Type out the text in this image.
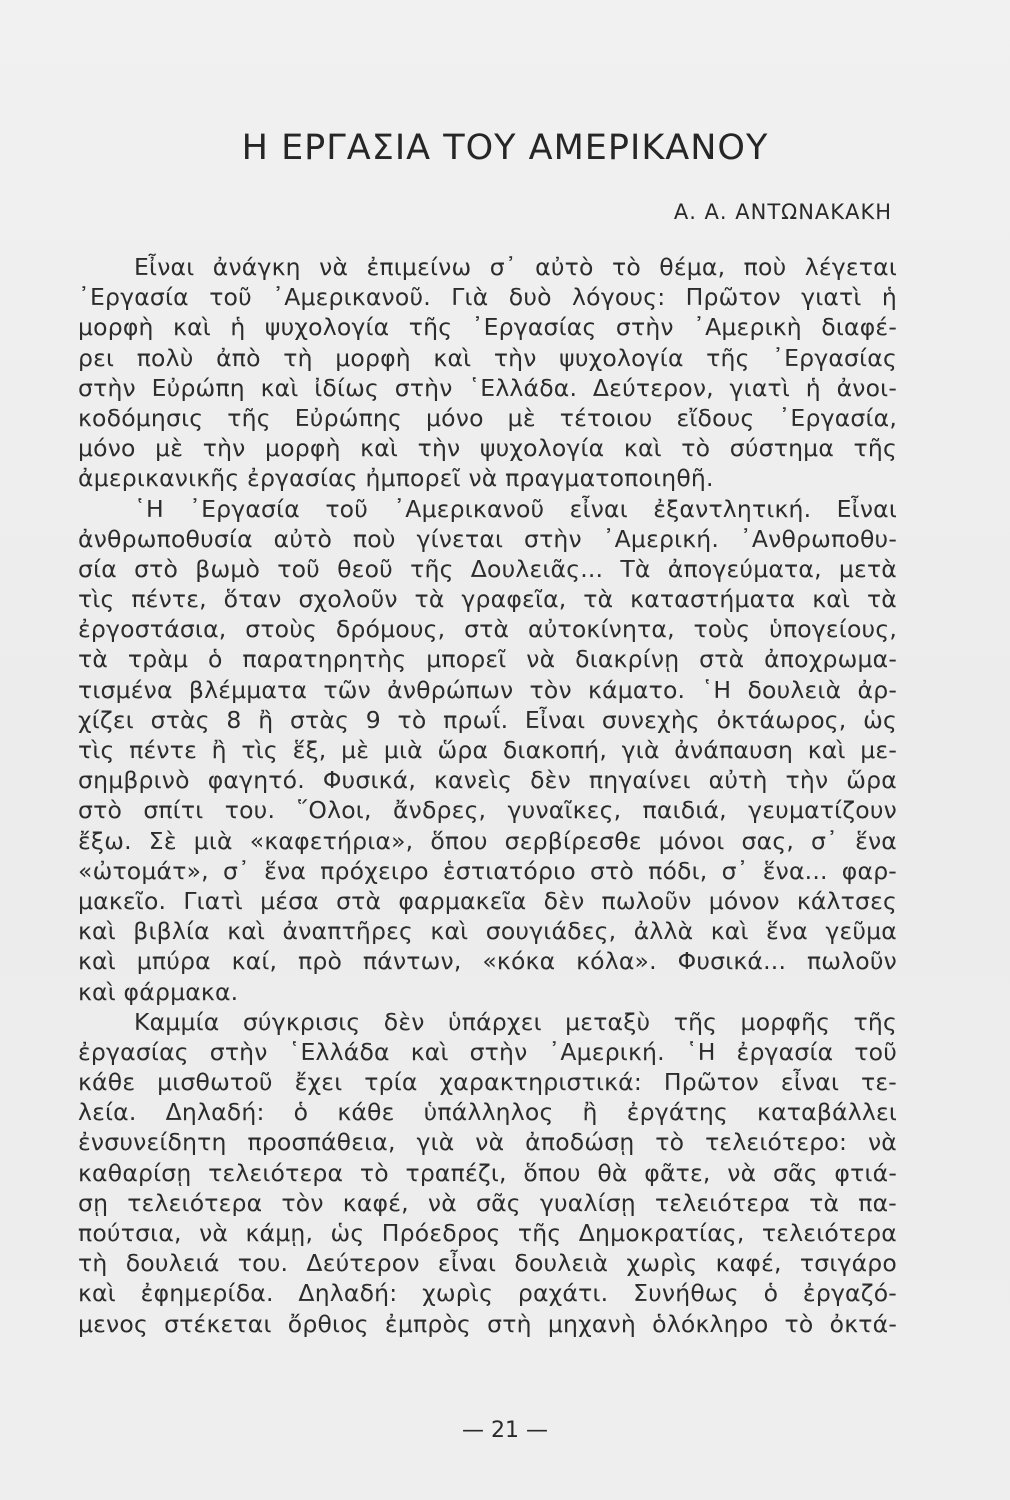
Η ΕΡΓΑΣΙΑ ΤΟΥ ΑΜΕΡΙΚΑΝΟΥ
Α. Α. ΑΝΤΩΝΑΚΑΚΗ
Εἶναι ἀνάγκη νὰ ἐπιμείνω σ᾽ αὐτὸ τὸ θέμα, ποὺ λέγεται
᾽Εργασία τοῦ ᾽Αμερικανοῦ. Γιὰ δυὸ λόγους: Πρῶτον γιατὶ ἡ
μορφὴ καὶ ἡ ψυχολογία τῆς ᾽Εργασίας στὴν ᾽Αμερικὴ διαφέ-
ρει πολὺ ἀπὸ τὴ μορφὴ καὶ τὴν ψυχολογία τῆς ᾽Εργασίας
στὴν Εὐρώπη καὶ ἰδίως στὴν ῾Ελλάδα. Δεύτερον, γιατὶ ἡ ἀνοι-
κοδόμησις τῆς Εὐρώπης μόνο μὲ τέτοιου εἴδους ᾽Εργασία,
μόνο μὲ τὴν μορφὴ καὶ τὴν ψυχολογία καὶ τὸ σύστημα τῆς
ἀμερικανικῆς ἐργασίας ἠμπορεῖ νὰ πραγματοποιηθῆ.
῾Η ᾽Εργασία τοῦ ᾽Αμερικανοῦ εἶναι ἐξαντλητική. Εἶναι
ἀνθρωποθυσία αὐτὸ ποὺ γίνεται στὴν ᾽Αμερική. ᾽Ανθρωποθυ-
σία στὸ βωμὸ τοῦ θεοῦ τῆς Δουλειᾶς... Τὰ ἀπογεύματα, μετὰ
τὶς πέντε, ὅταν σχολοῦν τὰ γραφεῖα, τὰ καταστήματα καὶ τὰ
ἐργοστάσια, στοὺς δρόμους, στὰ αὐτοκίνητα, τοὺς ὑπογείους,
τὰ τρὰμ ὁ παρατηρητὴς μπορεῖ νὰ διακρίνῃ στὰ ἀποχρωμα-
τισμένα βλέμματα τῶν ἀνθρώπων τὸν κάματο. ῾Η δουλειὰ ἀρ-
χίζει στὰς 8 ἢ στὰς 9 τὸ πρωΐ. Εἶναι συνεχὴς ὀκτάωρος, ὡς
τὶς πέντε ἢ τὶς ἕξ, μὲ μιὰ ὥρα διακοπή, γιὰ ἀνάπαυση καὶ με-
σημβρινὸ φαγητό. Φυσικά, κανεὶς δὲν πηγαίνει αὐτὴ τὴν ὥρα
στὸ σπίτι του. ῞Ολοι, ἄνδρες, γυναῖκες, παιδιά, γευματίζουν
ἔξω. Σὲ μιὰ «καφετήρια», ὅπου σερβίρεσθε μόνοι σας, σ᾽ ἕνα
«ὠτομάτ», σ᾽ ἕνα πρόχειρο ἑστιατόριο στὸ πόδι, σ᾽ ἕνα... φαρ-
μακεῖο. Γιατὶ μέσα στὰ φαρμακεῖα δὲν πωλοῦν μόνον κάλτσες
καὶ βιβλία καὶ ἀναπτῆρες καὶ σουγιάδες, ἀλλὰ καὶ ἕνα γεῦμα
καὶ μπύρα καί, πρὸ πάντων, «κόκα κόλα». Φυσικά... πωλοῦν
καὶ φάρμακα.
Καμμία σύγκρισις δὲν ὑπάρχει μεταξὺ τῆς μορφῆς τῆς
ἐργασίας στὴν ῾Ελλάδα καὶ στὴν ᾽Αμερική. ῾Η ἐργασία τοῦ
κάθε μισθωτοῦ ἔχει τρία χαρακτηριστικά: Πρῶτον εἶναι τε-
λεία. Δηλαδή: ὁ κάθε ὑπάλληλος ἢ ἐργάτης καταβάλλει
ἐνσυνείδητη προσπάθεια, γιὰ νὰ ἀποδώσῃ τὸ τελειότερο: νὰ
καθαρίσῃ τελειότερα τὸ τραπέζι, ὅπου θὰ φᾶτε, νὰ σᾶς φτιά-
σῃ τελειότερα τὸν καφέ, νὰ σᾶς γυαλίσῃ τελειότερα τὰ πα-
πούτσια, νὰ κάμῃ, ὡς Πρόεδρος τῆς Δημοκρατίας, τελειότερα
τὴ δουλειά του. Δεύτερον εἶναι δουλειὰ χωρὶς καφέ, τσιγάρο
καὶ ἐφημερίδα. Δηλαδή: χωρὶς ραχάτι. Συνήθως ὁ ἐργαζό-
μενος στέκεται ὄρθιος ἐμπρὸς στὴ μηχανὴ ὁλόκληρο τὸ ὀκτά-
— 21 —
